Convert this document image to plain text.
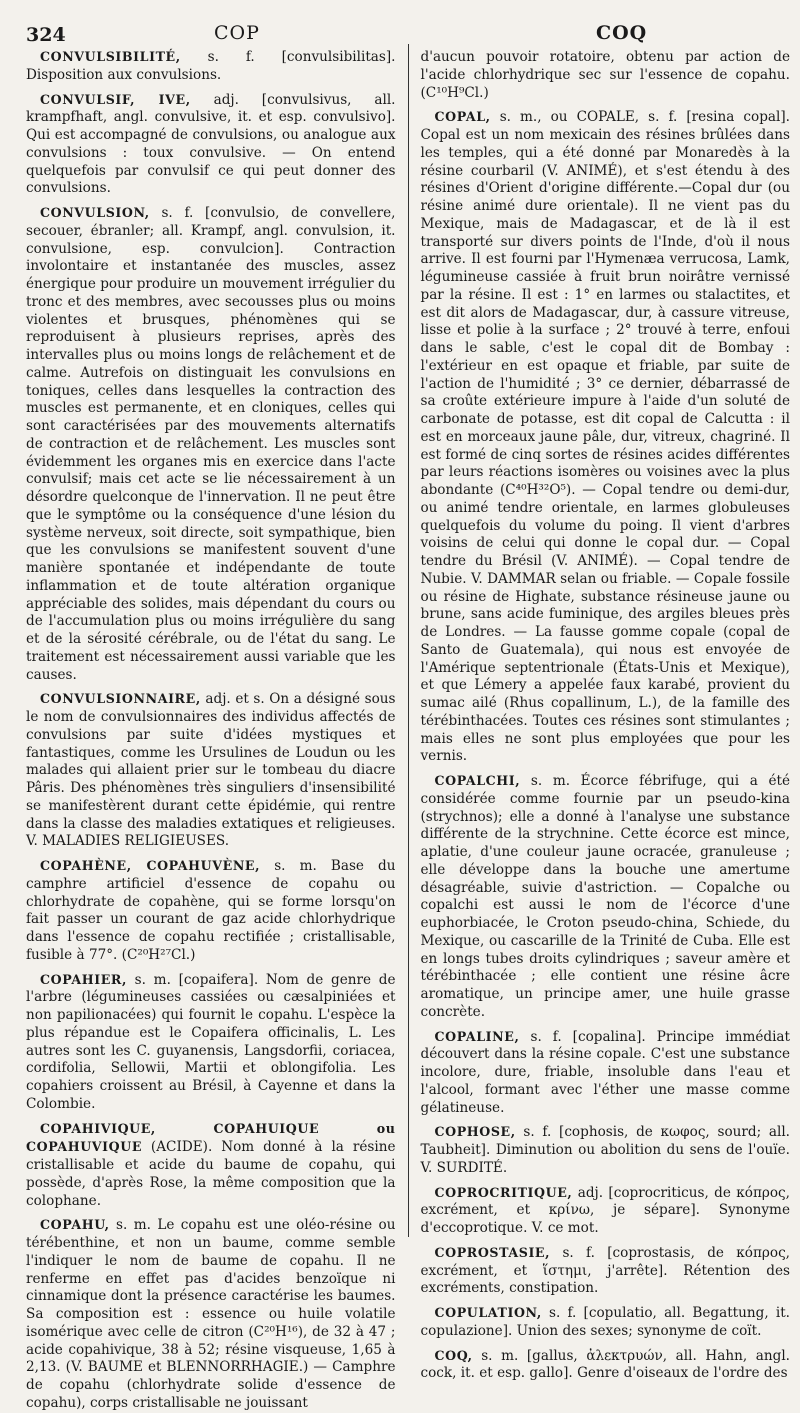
324	COP	COQ

CONVULSIBILITÉ, s. f. [convulsibilitas]. Disposition aux convulsions.

CONVULSIF, IVE, adj. [convulsivus, all. krampfhaft, angl. convulsive, it. et esp. convulsivo]. Qui est accompagné de convulsions, ou analogue aux convulsions : toux convulsive. — On entend quelquefois par convulsif ce qui peut donner des convulsions.

CONVULSION, s. f. [convulsio, de convellere, secouer, ébranler; all. Krampf, angl. convulsion, it. convulsione, esp. convulcion]. Contraction involontaire et instantanée des muscles, assez énergique pour produire un mouvement irrégulier du tronc et des membres, avec secousses plus ou moins violentes et brusques, phénomènes qui se reproduisent à plusieurs reprises, après des intervalles plus ou moins longs de relâchement et de calme. Autrefois on distinguait les convulsions en toniques, celles dans lesquelles la contraction des muscles est permanente, et en cloniques, celles qui sont caractérisées par des mouvements alternatifs de contraction et de relâchement. Les muscles sont évidemment les organes mis en exercice dans l'acte convulsif; mais cet acte se lie nécessairement à un désordre quelconque de l'innervation. Il ne peut être que le symptôme ou la conséquence d'une lésion du système nerveux, soit directe, soit sympathique, bien que les convulsions se manifestent souvent d'une manière spontanée et indépendante de toute inflammation et de toute altération organique appréciable des solides, mais dépendant du cours ou de l'accumulation plus ou moins irrégulière du sang et de la sérosité cérébrale, ou de l'état du sang. Le traitement est nécessairement aussi variable que les causes.

CONVULSIONNAIRE, adj. et s. On a désigné sous le nom de convulsionnaires des individus affectés de convulsions par suite d'idées mystiques et fantastiques, comme les Ursulines de Loudun ou les malades qui allaient prier sur le tombeau du diacre Pâris. Des phénomènes très singuliers d'insensibilité se manifestèrent durant cette épidémie, qui rentre dans la classe des maladies extatiques et religieuses. V. MALADIES RELIGIEUSES.

COPAHÈNE, COPAHUVÈNE, s. m. Base du camphre artificiel d'essence de copahu ou chlorhydrate de copahène, qui se forme lorsqu'on fait passer un courant de gaz acide chlorhydrique dans l'essence de copahu rectifiée ; cristallisable, fusible à 77°. (C²⁰H²⁷Cl.)

COPAHIER, s. m. [copaifera]. Nom de genre de l'arbre (légumineuses cassiées ou cæsalpiniées et non papilionacées) qui fournit le copahu. L'espèce la plus répandue est le Copaifera officinalis, L. Les autres sont les C. guyanensis, Langsdorfii, coriacea, cordifolia, Sellowii, Martii et oblongifolia. Les copahiers croissent au Brésil, à Cayenne et dans la Colombie.

COPAHIVIQUE, COPAHUIQUE ou COPAHUVIQUE (ACIDE). Nom donné à la résine cristallisable et acide du baume de copahu, qui possède, d'après Rose, la même composition que la colophane.

COPAHU, s. m. Le copahu est une oléo-résine ou térébenthine, et non un baume, comme semble l'indiquer le nom de baume de copahu. Il ne renferme en effet pas d'acides benzoïque ni cinnamique dont la présence caractérise les baumes. Sa composition est : essence ou huile volatile isomérique avec celle de citron (C²⁰H¹⁶), de 32 à 47 ; acide copahivique, 38 à 52; résine visqueuse, 1,65 à 2,13. (V. BAUME et BLENNORRHAGIE.) — Camphre de copahu (chlorhydrate solide d'essence de copahu), corps cristallisable ne jouissant

d'aucun pouvoir rotatoire, obtenu par action de l'acide chlorhydrique sec sur l'essence de copahu. (C¹⁰H⁹Cl.)

COPAL, s. m., ou COPALE, s. f. [resina copal]. Copal est un nom mexicain des résines brûlées dans les temples, qui a été donné par Monaredès à la résine courbaril (V. ANIMÉ), et s'est étendu à des résines d'Orient d'origine différente.—Copal dur (ou résine animé dure orientale). Il ne vient pas du Mexique, mais de Madagascar, et de là il est transporté sur divers points de l'Inde, d'où il nous arrive. Il est fourni par l'Hymenæa verrucosa, Lamk, légumineuse cassiée à fruit brun noirâtre vernissé par la résine. Il est : 1° en larmes ou stalactites, et est dit alors de Madagascar, dur, à cassure vitreuse, lisse et polie à la surface ; 2° trouvé à terre, enfoui dans le sable, c'est le copal dit de Bombay : l'extérieur en est opaque et friable, par suite de l'action de l'humidité ; 3° ce dernier, débarrassé de sa croûte extérieure impure à l'aide d'un soluté de carbonate de potasse, est dit copal de Calcutta : il est en morceaux jaune pâle, dur, vitreux, chagriné. Il est formé de cinq sortes de résines acides différentes par leurs réactions isomères ou voisines avec la plus abondante (C⁴⁰H³²O⁵). — Copal tendre ou demi-dur, ou animé tendre orientale, en larmes globuleuses quelquefois du volume du poing. Il vient d'arbres voisins de celui qui donne le copal dur. — Copal tendre du Brésil (V. ANIMÉ). — Copal tendre de Nubie. V. DAMMAR selan ou friable. — Copale fossile ou résine de Highate, substance résineuse jaune ou brune, sans acide fuminique, des argiles bleues près de Londres. — La fausse gomme copale (copal de Santo de Guatemala), qui nous est envoyée de l'Amérique septentrionale (États-Unis et Mexique), et que Lémery a appelée faux karabé, provient du sumac ailé (Rhus copallinum, L.), de la famille des térébinthacées. Toutes ces résines sont stimulantes ; mais elles ne sont plus employées que pour les vernis.

COPALCHI, s. m. Écorce fébrifuge, qui a été considérée comme fournie par un pseudo-kina (strychnos); elle a donné à l'analyse une substance différente de la strychnine. Cette écorce est mince, aplatie, d'une couleur jaune ocracée, granuleuse ; elle développe dans la bouche une amertume désagréable, suivie d'astriction. — Copalche ou copalchi est aussi le nom de l'écorce d'une euphorbiacée, le Croton pseudo-china, Schiede, du Mexique, ou cascarille de la Trinité de Cuba. Elle est en longs tubes droits cylindriques ; saveur amère et térébinthacée ; elle contient une résine âcre aromatique, un principe amer, une huile grasse concrète.

COPALINE, s. f. [copalina]. Principe immédiat découvert dans la résine copale. C'est une substance incolore, dure, friable, insoluble dans l'eau et l'alcool, formant avec l'éther une masse comme gélatineuse.

COPHOSE, s. f. [cophosis, de κωφος, sourd; all. Taubheit]. Diminution ou abolition du sens de l'ouïe. V. SURDITÉ.

COPROCRITIQUE, adj. [coprocriticus, de κόπρος, excrément, et κρίνω, je sépare]. Synonyme d'eccoprotique. V. ce mot.

COPROSTASIE, s. f. [coprostasis, de κόπρος, excrément, et ἵστημι, j'arrête]. Rétention des excréments, constipation.

COPULATION, s. f. [copulatio, all. Begattung, it. copulazione]. Union des sexes; synonyme de coït.

COQ, s. m. [gallus, ἀλεκτρυών, all. Hahn, angl. cock, it. et esp. gallo]. Genre d'oiseaux de l'ordre des
